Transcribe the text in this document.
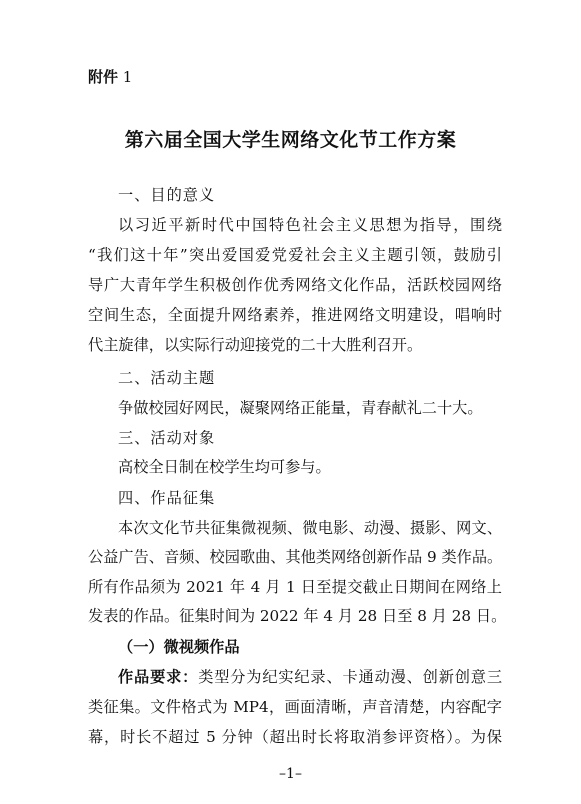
附件 1
第六届全国大学生网络文化节工作方案
一、目的意义
以习近平新时代中国特色社会主义思想为指导，围绕
“我们这十年”突出爱国爱党爱社会主义主题引领，鼓励引
导广大青年学生积极创作优秀网络文化作品，活跃校园网络
空间生态，全面提升网络素养，推进网络文明建设，唱响时
代主旋律，以实际行动迎接党的二十大胜利召开。
二、活动主题
争做校园好网民，凝聚网络正能量，青春献礼二十大。
三、活动对象
高校全日制在校学生均可参与。
四、作品征集
本次文化节共征集微视频、微电影、动漫、摄影、网文、
公益广告、音频、校园歌曲、其他类网络创新作品 9 类作品。
所有作品须为 2021 年 4 月 1 日至提交截止日期间在网络上
发表的作品。征集时间为 2022 年 4 月 28 日至 8 月 28 日。
（一）微视频作品
作品要求：类型分为纪实纪录、卡通动漫、创新创意三
类征集。文件格式为 MP4，画面清晰，声音清楚，内容配字
幕，时长不超过 5 分钟（超出时长将取消参评资格）。为保
–1–
